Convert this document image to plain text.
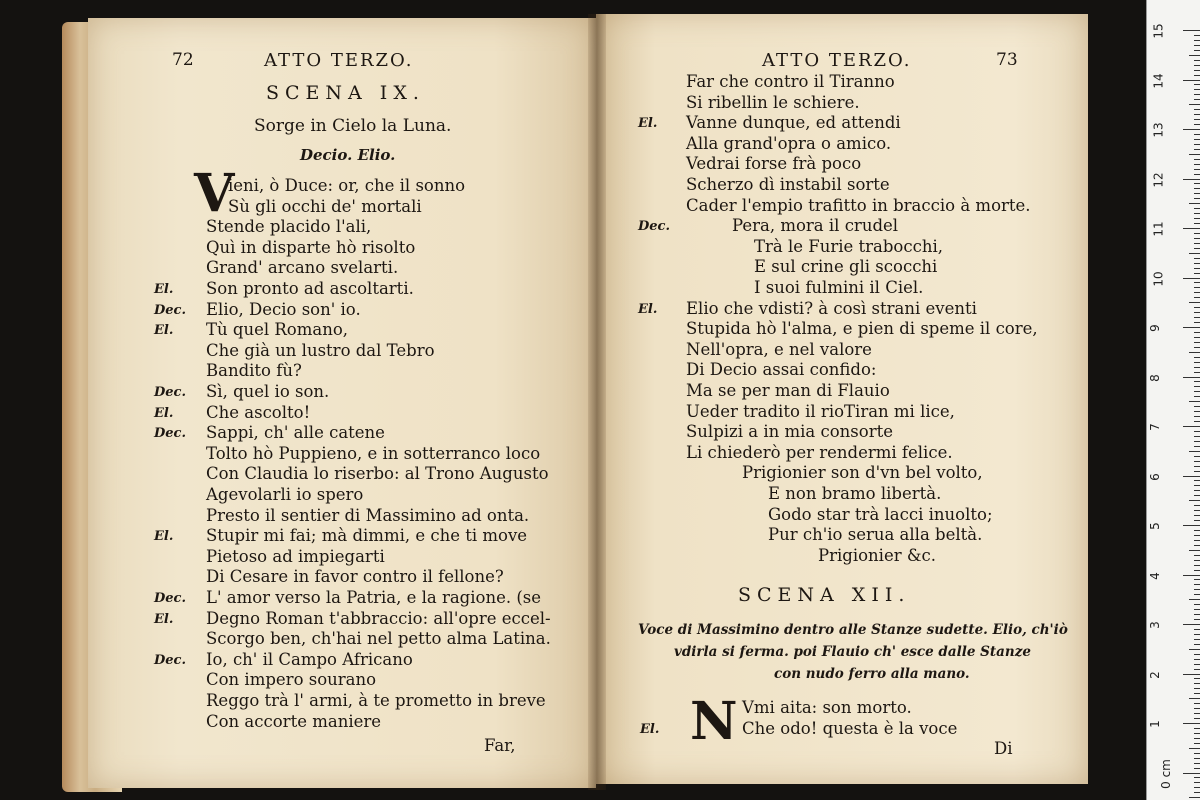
72	ATTO TERZO.
SCENA IX.
Sorge in Cielo la Luna.
Decio. Elio.
V
ieni, ò Duce: or, che il sonno
Sù gli occhi de' mortali
Stende placido l'ali,
Quì in disparte hò risolto
Grand' arcano svelarti.
El. Son pronto ad ascoltarti.
Dec. Elio, Decio son' io.
El. Tù quel Romano,
Che già un lustro dal Tebro
Bandito fù?
Dec. Sì, quel io son.
El. Che ascolto!
Dec. Sappi, ch' alle catene
Tolto hò Puppieno, e in sotterranco loco
Con Claudia lo riserbo: al Trono Augusto
Agevolarli io spero
Presto il sentier di Massimino ad onta.
El. Stupir mi fai; mà dimmi, e che ti move
Pietoso ad impiegarti
Di Cesare in favor contro il fellone?
Dec. L' amor verso la Patria, e la ragione. (se
El. Degno Roman t'abbraccio: all'opre eccel-
Scorgo ben, ch'hai nel petto alma Latina.
Dec. Io, ch' il Campo Africano
Con impero sourano
Reggo trà l' armi, à te prometto in breve
Con accorte maniere
Far,
ATTO TERZO.	73
Far che contro il Tiranno
Si ribellin le schiere.
El. Vanne dunque, ed attendi
Alla grand'opra o amico.
Vedrai forse frà poco
Scherzo dì instabil sorte
Cader l'empio trafitto in braccio à morte.
Dec.	Pera, mora il crudel
Trà le Furie trabocchi,
E sul crine gli scocchi
I suoi fulmini il Ciel.
El. Elio che vdisti? à così strani eventi
Stupida hò l'alma, e pien di speme il core,
Nell'opra, e nel valore
Di Decio assai confido:
Ma se per man di Flauio
Ueder tradito il rioTiran mi lice,
Sulpizi a in mia consorte
Li chiederò per rendermi felice.
Prigionier son d'vn bel volto,
E non bramo libertà.
Godo star trà lacci inuolto;
Pur ch'io serua alla beltà.
Prigionier &c.
SCENA XII.
Voce di Massimino dentro alle Stanze sudette. Elio, ch'iò
vdirla si ferma. poi Flauio ch' esce dalle Stanze
con nudo ferro alla mano.
N Vmi aita: son morto.
El.	Che odo! questa è la voce
Di
15
14
13
12
11
10
9
8
7
6
5
4
3
2
1
0 cm
